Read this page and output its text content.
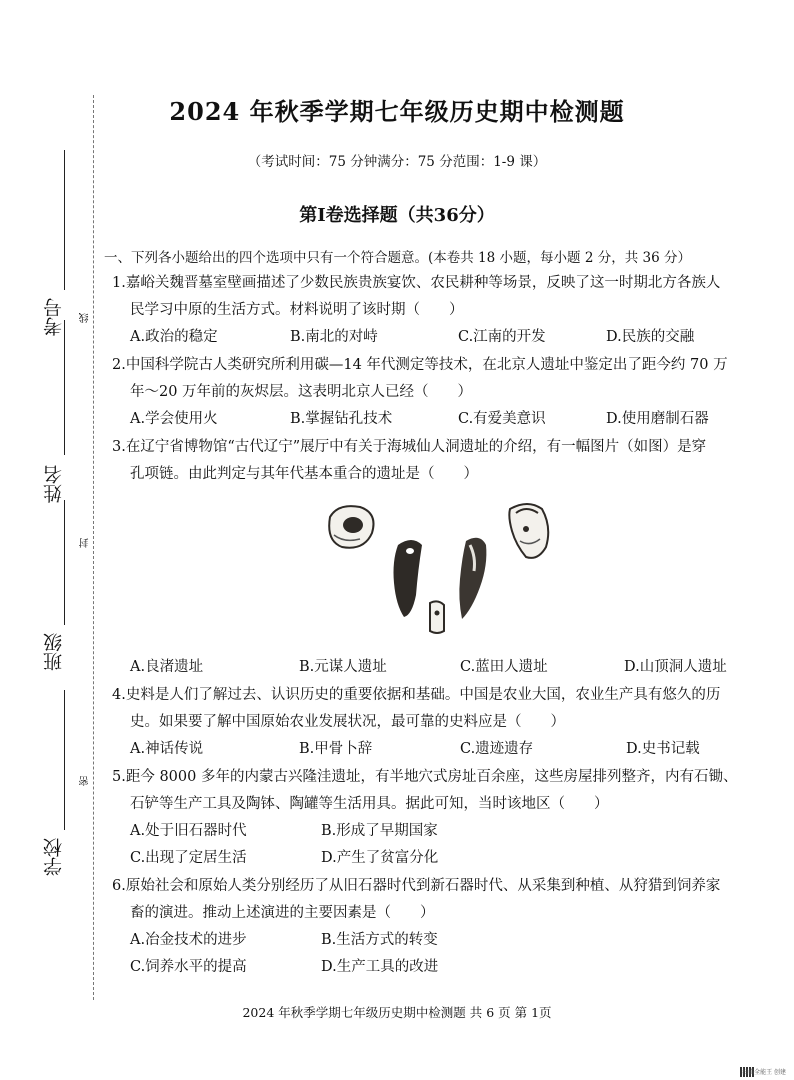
考号
姓名
班级
学校
线
封
密
2024 年秋季学期七年级历史期中检测题
（考试时间：75 分钟满分：75 分范围：1-9 课）
第Ⅰ卷选择题（共36分）
一、下列各小题给出的四个选项中只有一个符合题意。(本卷共 18 小题，每小题 2 分，共 36 分）
1.嘉峪关魏晋墓室壁画描述了少数民族贵族宴饮、农民耕种等场景，反映了这一时期北方各族人
民学习中原的生活方式。材料说明了该时期（　　）
A.政治的稳定	B.南北的对峙	C.江南的开发	D.民族的交融
2.中国科学院古人类研究所利用碳—14 年代测定等技术，在北京人遗址中鉴定出了距今约 70 万
年～20 万年前的灰烬层。这表明北京人已经（　　）
A.学会使用火	B.掌握钻孔技术	C.有爱美意识	D.使用磨制石器
3.在辽宁省博物馆“古代辽宁”展厅中有关于海城仙人洞遗址的介绍，有一幅图片（如图）是穿
孔项链。由此判定与其年代基本重合的遗址是（　　）
A.良渚遗址	B.元谋人遗址	C.蓝田人遗址	D.山顶洞人遗址
4.史料是人们了解过去、认识历史的重要依据和基础。中国是农业大国，农业生产具有悠久的历
史。如果要了解中国原始农业发展状况，最可靠的史料应是（　　）
A.神话传说	B.甲骨卜辞	C.遗迹遗存	D.史书记载
5.距今 8000 多年的内蒙古兴隆洼遗址，有半地穴式房址百余座，这些房屋排列整齐，内有石锄、
石铲等生产工具及陶钵、陶罐等生活用具。据此可知，当时该地区（　　）
A.处于旧石器时代	B.形成了早期国家
C.出现了定居生活	D.产生了贫富分化
6.原始社会和原始人类分别经历了从旧石器时代到新石器时代、从采集到种植、从狩猎到饲养家
畜的演进。推动上述演进的主要因素是（　　）
A.冶金技术的进步	B.生活方式的转变
C.饲养水平的提高	D.生产工具的改进
2024 年秋季学期七年级历史期中检测题 共 6 页 第 1页
扫描全能王 创建
